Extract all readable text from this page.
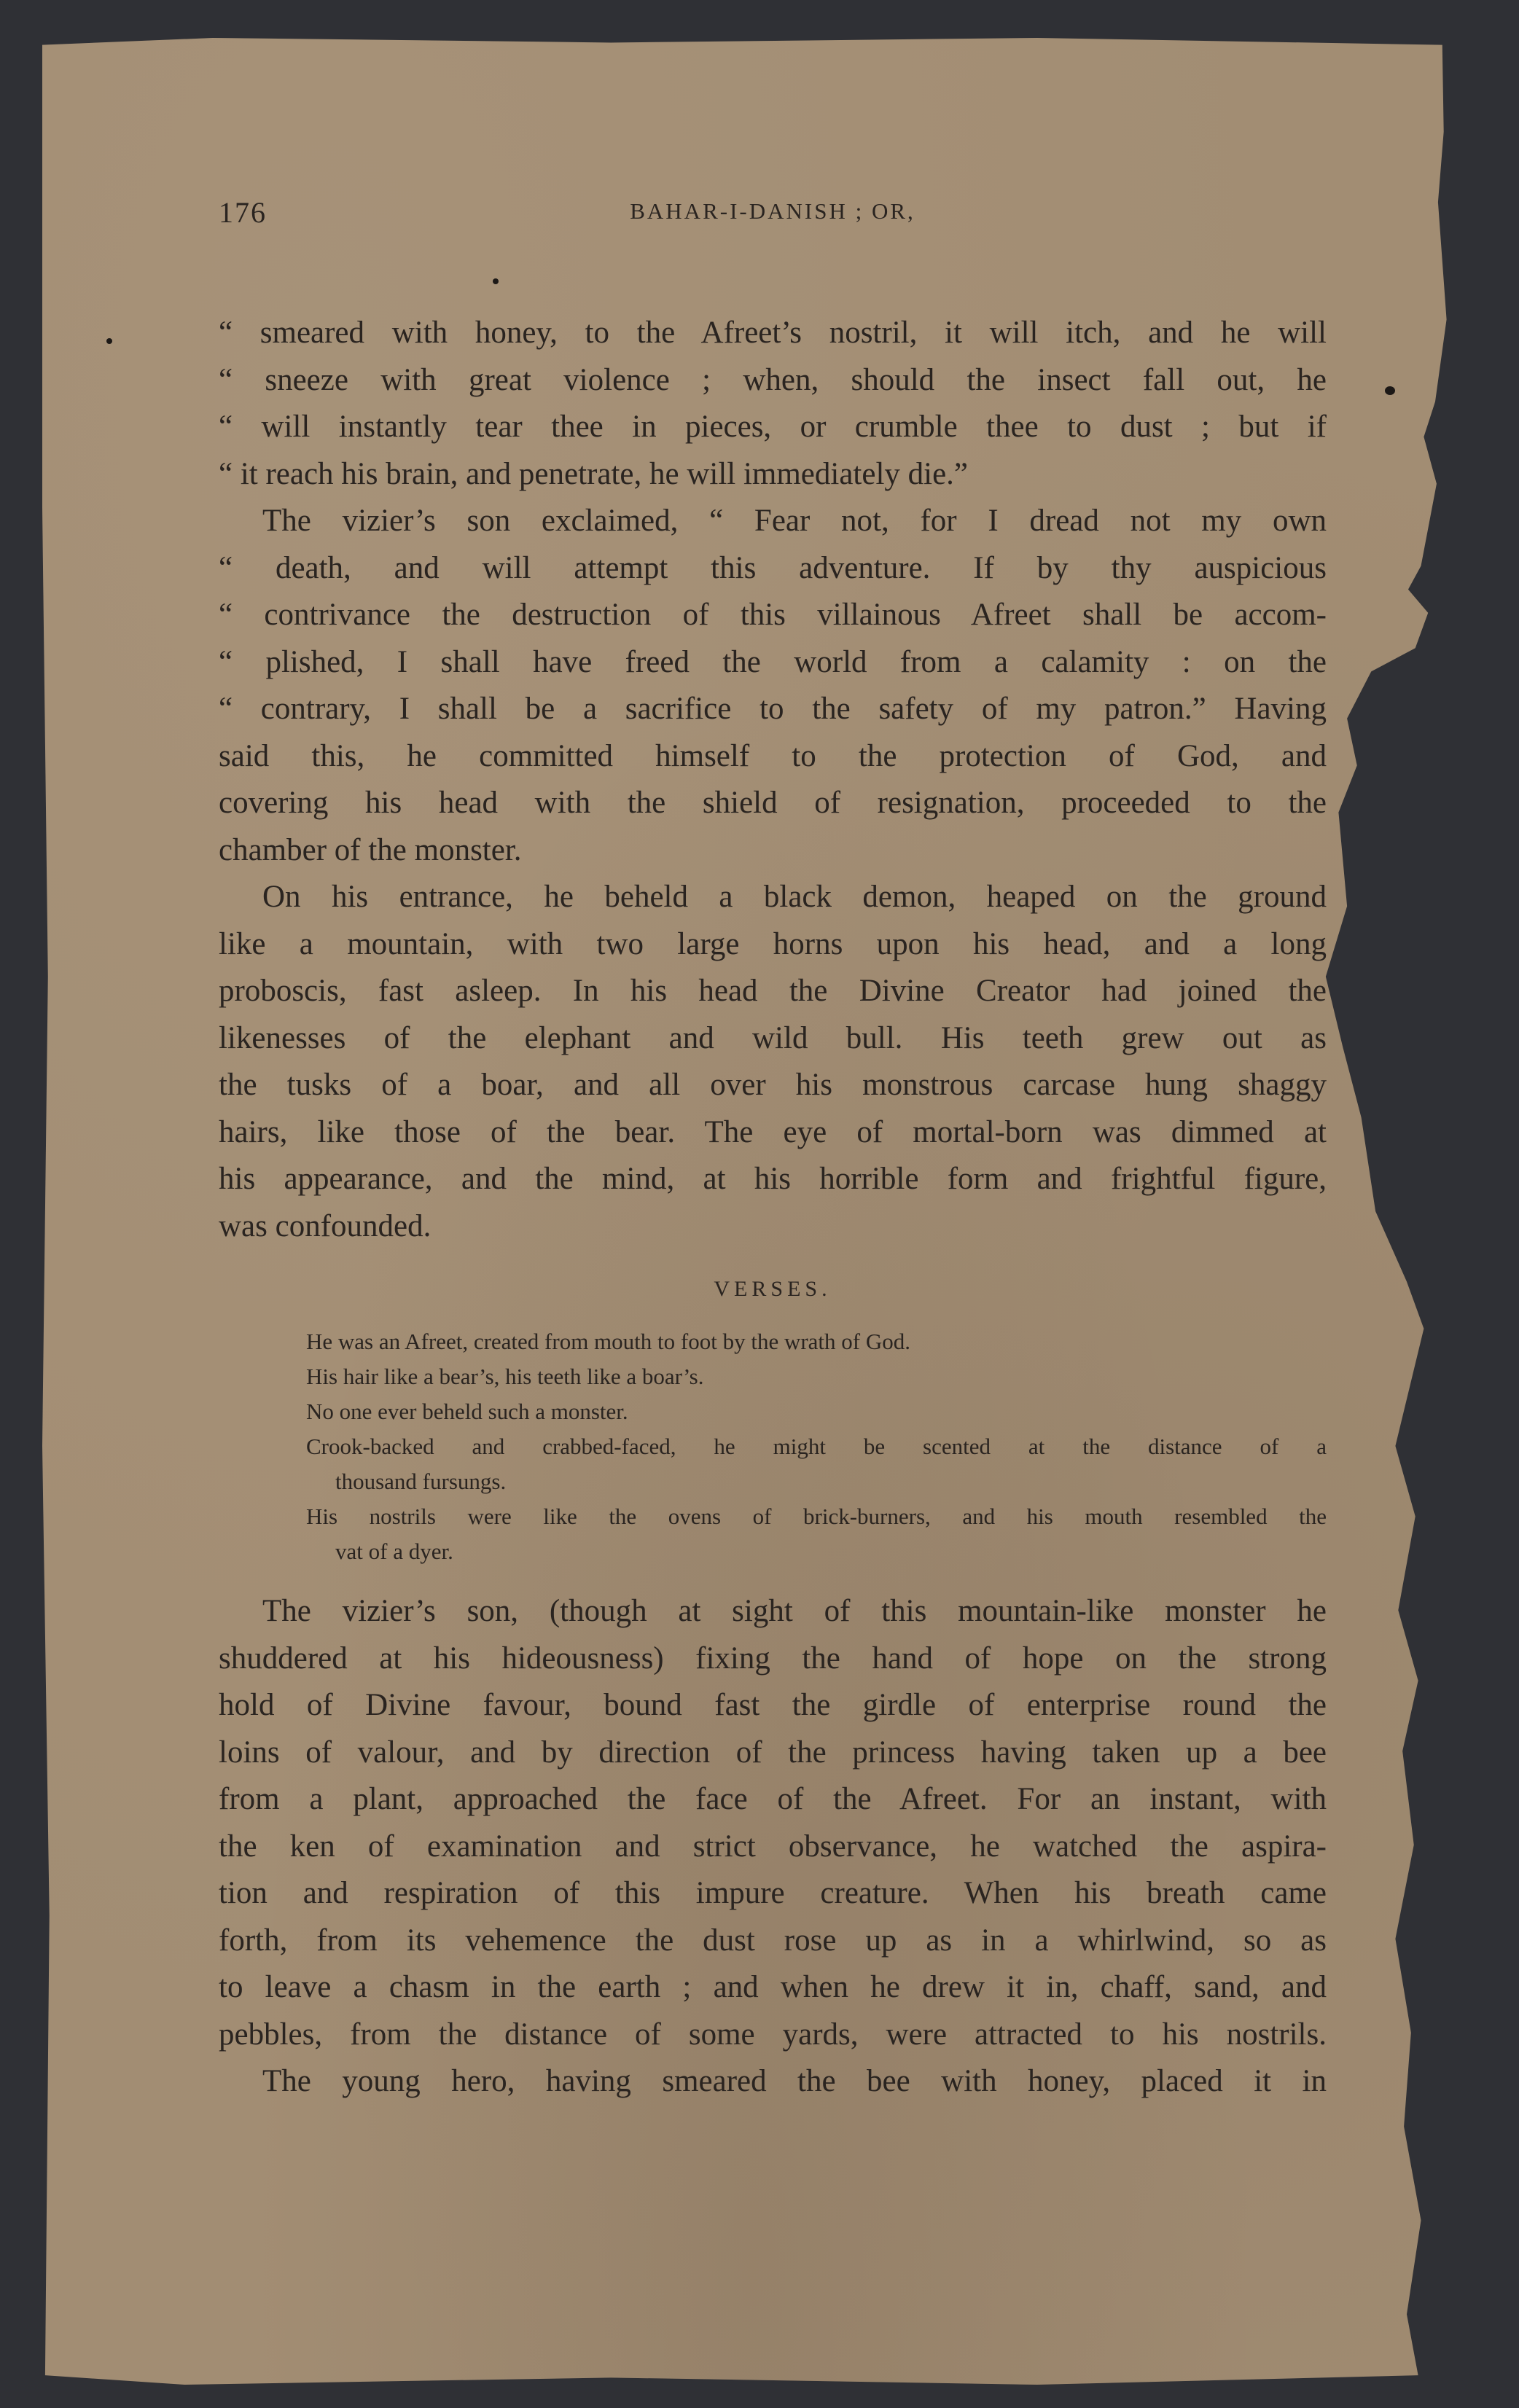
176	BAHAR-I-DANISH ; OR,
“ smeared with honey, to the Afreet’s nostril, it will itch, and he will
“ sneeze with great violence ; when, should the insect fall out, he
“ will instantly tear thee in pieces, or crumble thee to dust ; but if
“ it reach his brain, and penetrate, he will immediately die.”
The vizier’s son exclaimed, “ Fear not, for I dread not my own
“ death, and will attempt this adventure. If by thy auspicious
“ contrivance the destruction of this villainous Afreet shall be accom-
“ plished, I shall have freed the world from a calamity : on the
“ contrary, I shall be a sacrifice to the safety of my patron.” Having
said this, he committed himself to the protection of God, and
covering his head with the shield of resignation, proceeded to the
chamber of the monster.
On his entrance, he beheld a black demon, heaped on the ground
like a mountain, with two large horns upon his head, and a long
proboscis, fast asleep. In his head the Divine Creator had joined the
likenesses of the elephant and wild bull. His teeth grew out as
the tusks of a boar, and all over his monstrous carcase hung shaggy
hairs, like those of the bear. The eye of mortal-born was dimmed at
his appearance, and the mind, at his horrible form and frightful figure,
was confounded.
VERSES.
He was an Afreet, created from mouth to foot by the wrath of God.
His hair like a bear’s, his teeth like a boar’s.
No one ever beheld such a monster.
Crook-backed and crabbed-faced, he might be scented at the distance of a
thousand fursungs.
His nostrils were like the ovens of brick-burners, and his mouth resembled the
vat of a dyer.
The vizier’s son, (though at sight of this mountain-like monster he
shuddered at his hideousness) fixing the hand of hope on the strong
hold of Divine favour, bound fast the girdle of enterprise round the
loins of valour, and by direction of the princess having taken up a bee
from a plant, approached the face of the Afreet. For an instant, with
the ken of examination and strict observance, he watched the aspira-
tion and respiration of this impure creature. When his breath came
forth, from its vehemence the dust rose up as in a whirlwind, so as
to leave a chasm in the earth ; and when he drew it in, chaff, sand, and
pebbles, from the distance of some yards, were attracted to his nostrils.
The young hero, having smeared the bee with honey, placed it in
